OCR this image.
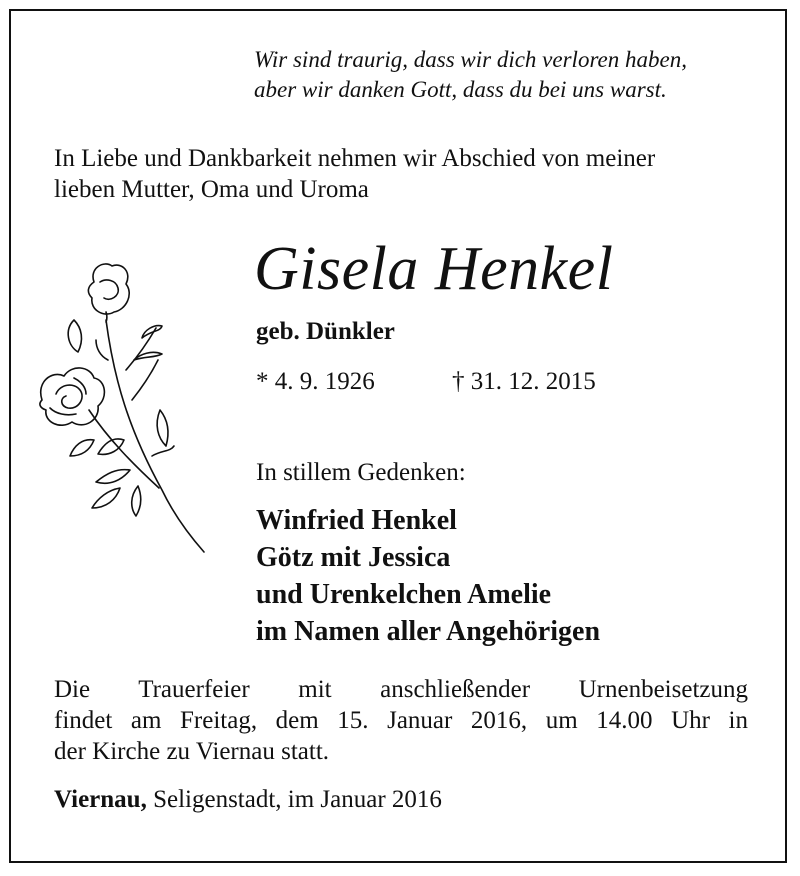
Wir sind traurig, dass wir dich verloren haben,
aber wir danken Gott, dass du bei uns warst.
In Liebe und Dankbarkeit nehmen wir Abschied von meiner
lieben Mutter, Oma und Uroma
Gisela Henkel
geb. Dünkler
* 4. 9. 1926	† 31. 12. 2015
In stillem Gedenken:
Winfried Henkel
Götz mit Jessica
und Urenkelchen Amelie
im Namen aller Angehörigen
Die Trauerfeier mit anschließender Urnenbeisetzung
findet am Freitag, dem 15. Januar 2016, um 14.00 Uhr in
der Kirche zu Viernau statt.
Viernau, Seligenstadt, im Januar 2016
